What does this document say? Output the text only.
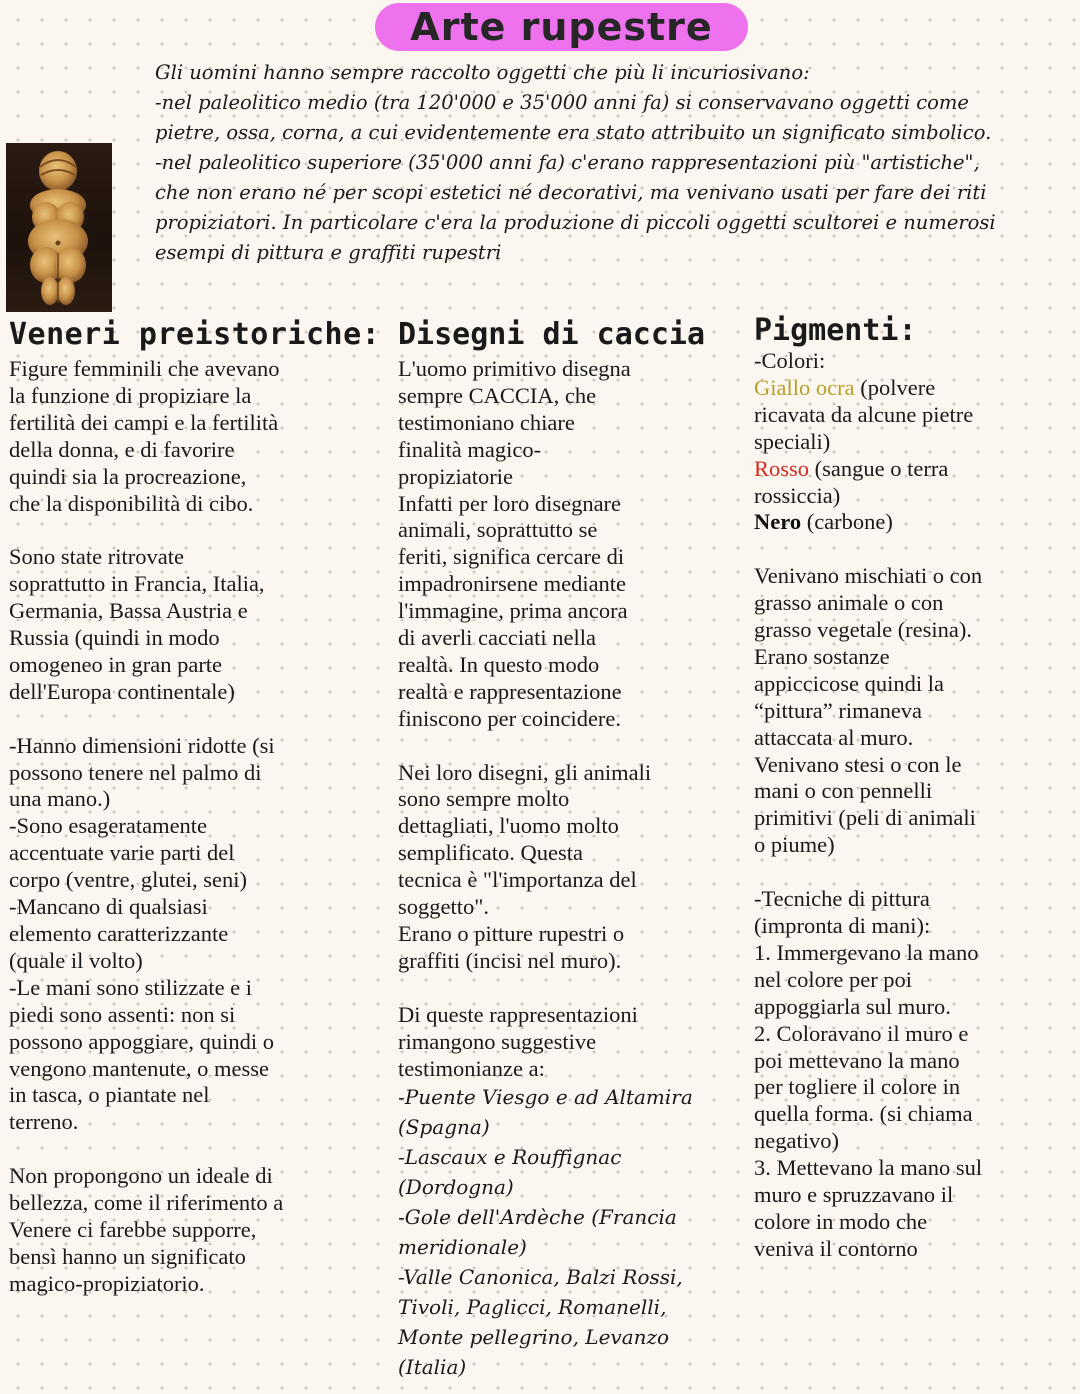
Arte rupestre
Gli uomini hanno sempre raccolto oggetti che più li incuriosivano:
-nel paleolitico medio (tra 120'000 e 35'000 anni fa) si conservavano oggetti come
pietre, ossa, corna, a cui evidentemente era stato attribuito un significato simbolico.
-nel paleolitico superiore (35'000 anni fa) c'erano rappresentazioni più "artistiche",
che non erano né per scopi estetici né decorativi, ma venivano usati per fare dei riti
propiziatori. In particolare c'era la produzione di piccoli oggetti scultorei e numerosi
esempi di pittura e graffiti rupestri
Veneri preistoriche:
Figure femminili che avevano
la funzione di propiziare la
fertilità dei campi e la fertilità
della donna, e di favorire
quindi sia la procreazione,
che la disponibilità di cibo.
Sono state ritrovate
soprattutto in Francia, Italia,
Germania, Bassa Austria e
Russia (quindi in modo
omogeneo in gran parte
dell'Europa continentale)
-Hanno dimensioni ridotte (si
possono tenere nel palmo di
una mano.)
-Sono esageratamente
accentuate varie parti del
corpo (ventre, glutei, seni)
-Mancano di qualsiasi
elemento caratterizzante
(quale il volto)
-Le mani sono stilizzate e i
piedi sono assenti: non si
possono appoggiare, quindi o
vengono mantenute, o messe
in tasca, o piantate nel
terreno.
Non propongono un ideale di
bellezza, come il riferimento a
Venere ci farebbe supporre,
bensì hanno un significato
magico-propiziatorio.
Disegni di caccia
L'uomo primitivo disegna
sempre CACCIA, che
testimoniano chiare
finalità magico-
propiziatorie
Infatti per loro disegnare
animali, soprattutto se
feriti, significa cercare di
impadronirsene mediante
l'immagine, prima ancora
di averli cacciati nella
realtà. In questo modo
realtà e rappresentazione
finiscono per coincidere.
Nei loro disegni, gli animali
sono sempre molto
dettagliati, l'uomo molto
semplificato. Questa
tecnica è "l'importanza del
soggetto".
Erano o pitture rupestri o
graffiti (incisi nel muro).
Di queste rappresentazioni
rimangono suggestive
testimonianze a:
-Puente Viesgo e ad Altamira
(Spagna)
-Lascaux e Rouffignac
(Dordogna)
-Gole dell'Ardèche (Francia
meridionale)
-Valle Canonica, Balzi Rossi,
Tivoli, Paglicci, Romanelli,
Monte pellegrino, Levanzo
(Italia)
Pigmenti:
-Colori:
Giallo ocra (polvere
ricavata da alcune pietre
speciali)
Rosso (sangue o terra
rossiccia)
Nero (carbone)
Venivano mischiati o con
grasso animale o con
grasso vegetale (resina).
Erano sostanze
appiccicose quindi la
“pittura” rimaneva
attaccata al muro.
Venivano stesi o con le
mani o con pennelli
primitivi (peli di animali
o piume)
-Tecniche di pittura
(impronta di mani):
1. Immergevano la mano
nel colore per poi
appoggiarla sul muro.
2. Coloravano il muro e
poi mettevano la mano
per togliere il colore in
quella forma. (si chiama
negativo)
3. Mettevano la mano sul
muro e spruzzavano il
colore in modo che
veniva il contorno
